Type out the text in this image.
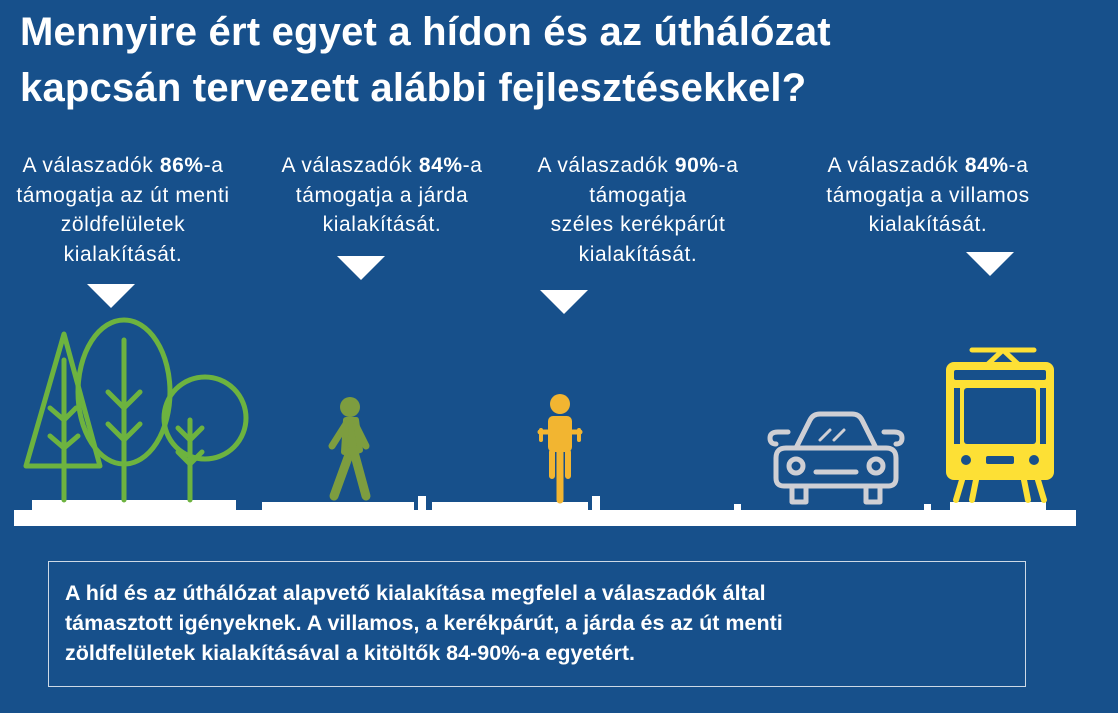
Mennyire ért egyet a hídon és az úthálózat
kapcsán tervezett alábbi fejlesztésekkel?
A válaszadók 86%-a
támogatja az út menti
zöldfelületek
kialakítását.
A válaszadók 84%-a
támogatja a járda
kialakítását.
A válaszadók 90%-a
támogatja
széles kerékpárút
kialakítását.
A válaszadók 84%-a
támogatja a villamos
kialakítását.
A híd és az úthálózat alapvető kialakítása megfelel a válaszadók által
támasztott igényeknek. A villamos, a kerékpárút, a járda és az út menti
zöldfelületek kialakításával a kitöltők 84-90%-a egyetért.
